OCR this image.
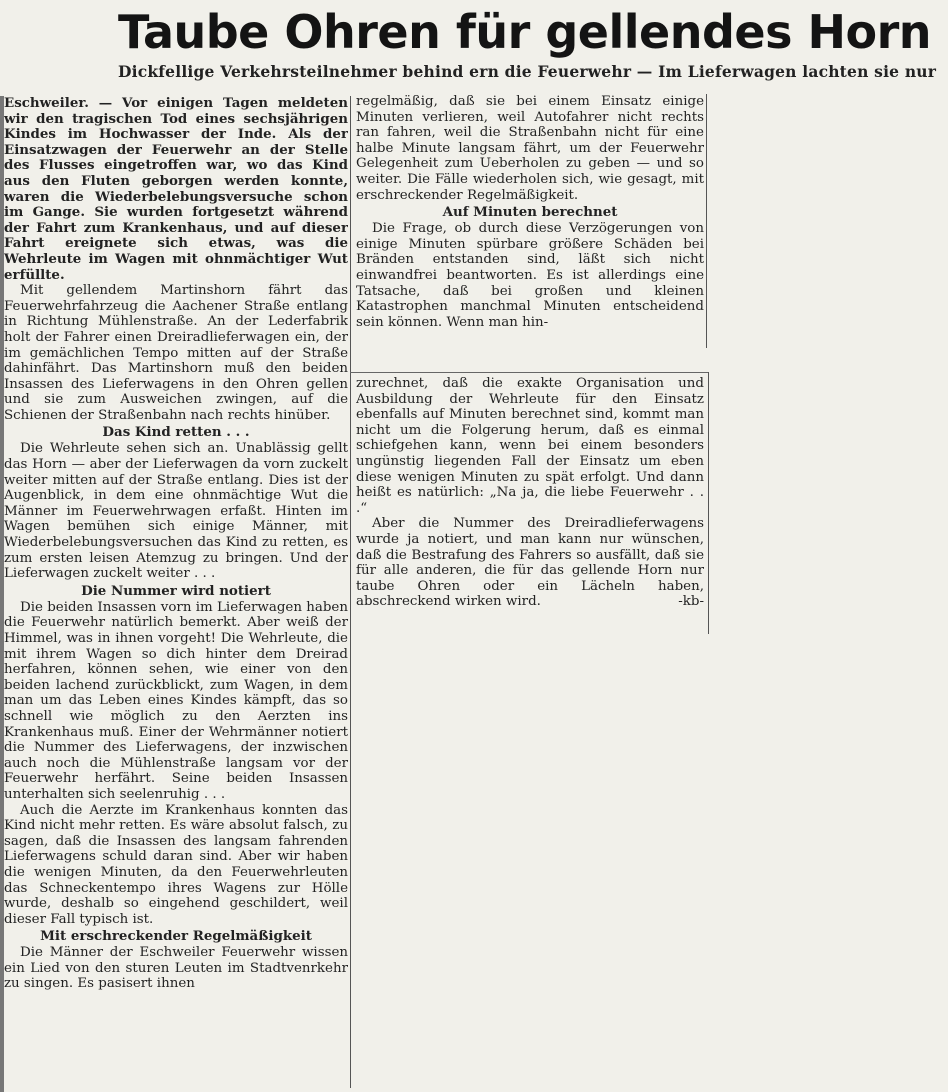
Taube Ohren für gellendes Horn
Dickfellige Verkehrsteilnehmer behind ern die Feuerwehr — Im Lieferwagen lachten sie nur

Eschweiler. — Vor einigen Tagen meldeten wir den tragischen Tod eines sechsjährigen Kindes im Hochwasser der Inde. Als der Einsatzwagen der Feuerwehr an der Stelle des Flusses eingetroffen war, wo das Kind aus den Fluten geborgen werden konnte, waren die Wiederbelebungsversuche schon im Gange. Sie wurden fortgesetzt während der Fahrt zum Krankenhaus, und auf dieser Fahrt ereignete sich etwas, was die Wehrleute im Wagen mit ohnmächtiger Wut erfüllte.

Mit gellendem Martinshorn fährt das Feuerwehrfahrzeug die Aachener Straße entlang in Richtung Mühlenstraße. An der Lederfabrik holt der Fahrer einen Dreiradlieferwagen ein, der im gemächlichen Tempo mitten auf der Straße dahinfährt. Das Martinshorn muß den beiden Insassen des Lieferwagens in den Ohren gellen und sie zum Ausweichen zwingen, auf die Schienen der Straßenbahn nach rechts hinüber.

Das Kind retten . . .

Die Wehrleute sehen sich an. Unablässig gellt das Horn — aber der Lieferwagen da vorn zuckelt weiter mitten auf der Straße entlang. Dies ist der Augenblick, in dem eine ohnmächtige Wut die Männer im Feuerwehrwagen erfaßt. Hinten im Wagen bemühen sich einige Männer, mit Wiederbelebungsversuchen das Kind zu retten, es zum ersten leisen Atemzug zu bringen. Und der Lieferwagen zuckelt weiter . . .

Die Nummer wird notiert

Die beiden Insassen vorn im Lieferwagen haben die Feuerwehr natürlich bemerkt. Aber weiß der Himmel, was in ihnen vorgeht! Die Wehrleute, die mit ihrem Wagen so dich hinter dem Dreirad herfahren, können sehen, wie einer von den beiden lachend zurückblickt, zum Wagen, in dem man um das Leben eines Kindes kämpft, das so schnell wie möglich zu den Aerzten ins Krankenhaus muß. Einer der Wehrmänner notiert die Nummer des Lieferwagens, der inzwischen auch noch die Mühlenstraße langsam vor der Feuerwehr herfährt. Seine beiden Insassen unterhalten sich seelenruhig . . .

Auch die Aerzte im Krankenhaus konnten das Kind nicht mehr retten. Es wäre absolut falsch, zu sagen, daß die Insassen des langsam fahrenden Lieferwagens schuld daran sind. Aber wir haben die wenigen Minuten, da den Feuerwehrleuten das Schneckentempo ihres Wagens zur Hölle wurde, deshalb so eingehend geschildert, weil dieser Fall typisch ist.

Mit erschreckender Regelmäßigkeit

Die Männer der Eschweiler Feuerwehr wissen ein Lied von den sturen Leuten im Stadtvenrkehr zu singen. Es pasisert ihnen

regelmäßig, daß sie bei einem Einsatz einige Minuten verlieren, weil Autofahrer nicht rechts ran fahren, weil die Straßenbahn nicht für eine halbe Minute langsam fährt, um der Feuerwehr Gelegenheit zum Ueberholen zu geben — und so weiter. Die Fälle wiederholen sich, wie gesagt, mit erschreckender Regelmäßigkeit.

Auf Minuten berechnet

Die Frage, ob durch diese Verzögerungen von einige Minuten spürbare größere Schäden bei Bränden entstanden sind, läßt sich nicht einwandfrei beantworten. Es ist allerdings eine Tatsache, daß bei großen und kleinen Katastrophen manchmal Minuten entscheidend sein können. Wenn man hin-

zurechnet, daß die exakte Organisation und Ausbildung der Wehrleute für den Einsatz ebenfalls auf Minuten berechnet sind, kommt man nicht um die Folgerung herum, daß es einmal schiefgehen kann, wenn bei einem besonders ungünstig liegenden Fall der Einsatz um eben diese wenigen Minuten zu spät erfolgt. Und dann heißt es natürlich: „Na ja, die liebe Feuerwehr . . .“

Aber die Nummer des Dreiradlieferwagens wurde ja notiert, und man kann nur wünschen, daß die Bestrafung des Fahrers so ausfällt, daß sie für alle anderen, die für das gellende Horn nur taube Ohren oder ein Lächeln haben, abschreckend wirken wird.	-kb-
